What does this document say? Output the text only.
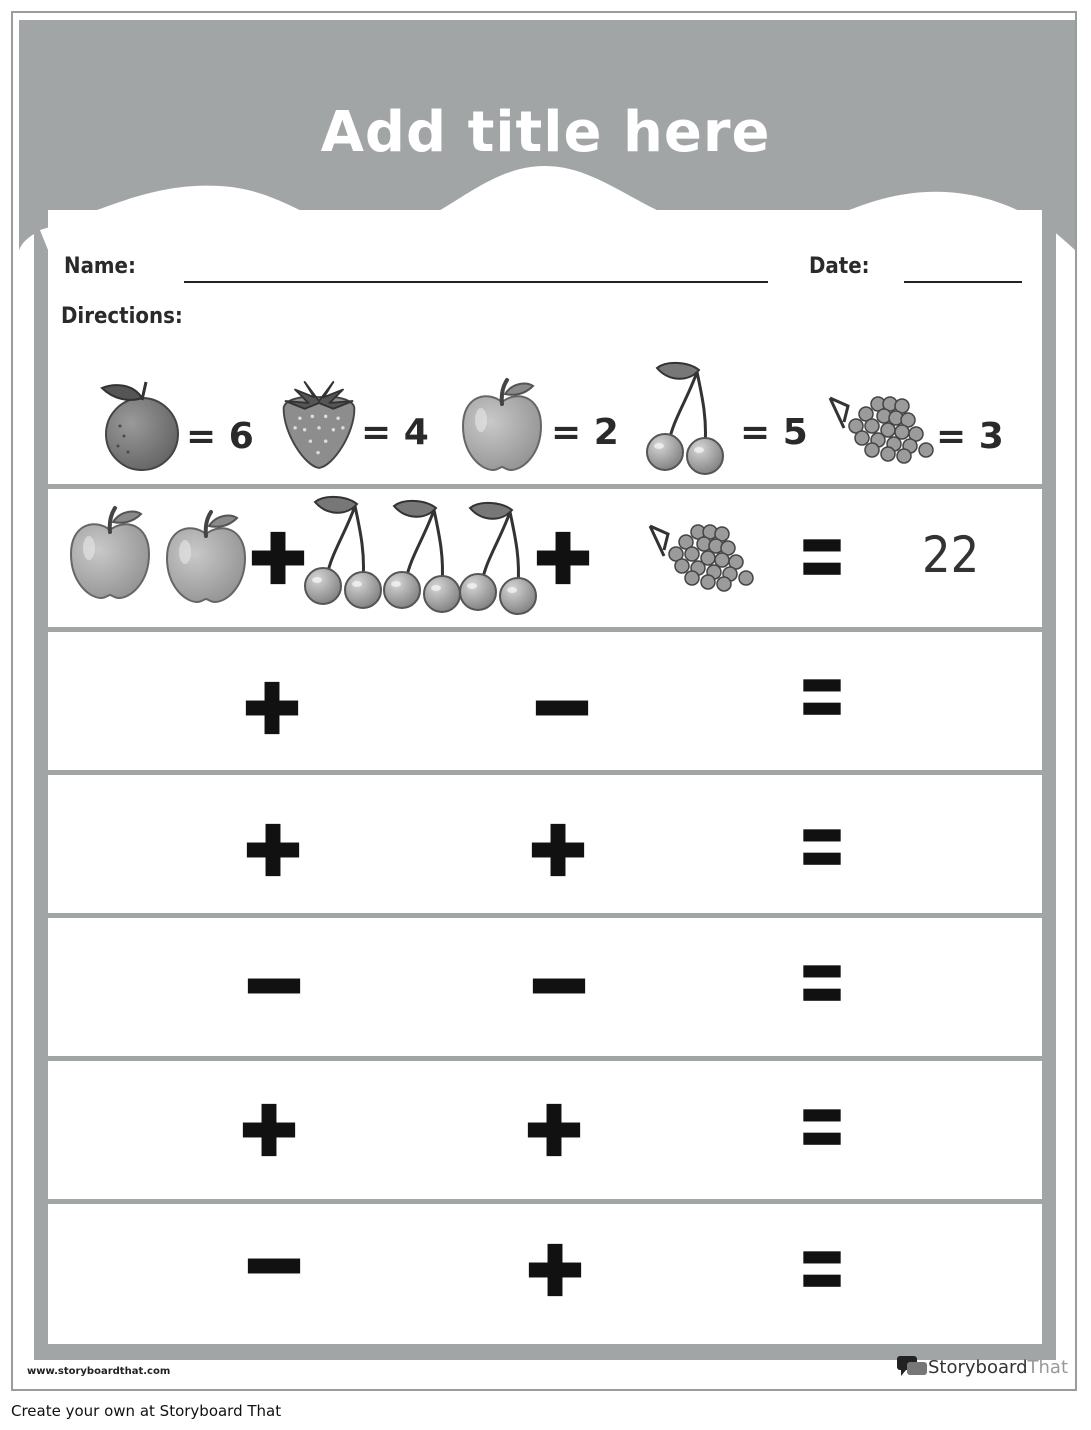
Add title here
Name:	Date:
Directions:
= 6	= 4	= 2	= 5	= 3
22
www.storyboardthat.com	Storyboard That
Create your own at Storyboard That
